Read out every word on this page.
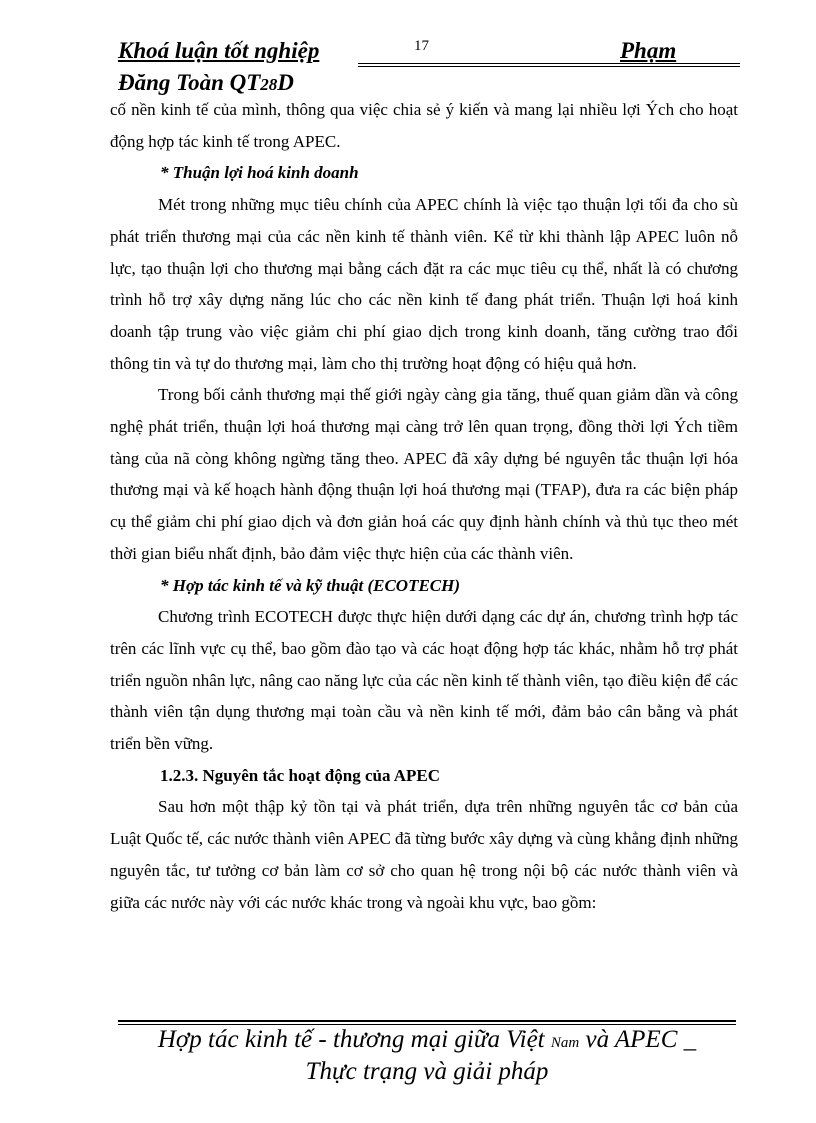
Khoá luận tốt nghiệp	17	Phạm
Đăng Toàn QT28D

cố nền kinh tế của mình, thông qua việc chia sẻ ý kiến và mang lại nhiều lợi Ých cho hoạt động hợp tác kinh tế trong APEC.

* Thuận lợi hoá kinh doanh

Mét trong những mục tiêu chính của APEC chính là việc tạo thuận lợi tối đa cho sù phát triển thương mại của các nền kinh tế thành viên. Kể từ khi thành lập APEC luôn nỗ lực, tạo thuận lợi cho thương mại bằng cách đặt ra các mục tiêu cụ thể, nhất là có chương trình hỗ trợ xây dựng năng lúc cho các nền kinh tế đang phát triển. Thuận lợi hoá kinh doanh tập trung vào việc giảm chi phí giao dịch trong kinh doanh, tăng cường trao đổi thông tin và tự do thương mại, làm cho thị trường hoạt động có hiệu quả hơn.

Trong bối cảnh thương mại thế giới ngày càng gia tăng, thuế quan giảm dần và công nghệ phát triển, thuận lợi hoá thương mại càng trở lên quan trọng, đồng thời lợi Ých tiềm tàng của nã còng không ngừng tăng theo. APEC đã xây dựng bé nguyên tắc thuận lợi hóa thương mại và kế hoạch hành động thuận lợi hoá thương mại (TFAP), đưa ra các biện pháp cụ thể giảm chi phí giao dịch và đơn giản hoá các quy định hành chính và thủ tục theo mét thời gian biểu nhất định, bảo đảm việc thực hiện của các thành viên.

* Hợp tác kinh tế và kỹ thuật (ECOTECH)

Chương trình ECOTECH được thực hiện dưới dạng các dự án, chương trình hợp tác trên các lĩnh vực cụ thể, bao gồm đào tạo và các hoạt động hợp tác khác, nhằm hỗ trợ phát triển nguồn nhân lực, nâng cao năng lực của các nền kinh tế thành viên, tạo điều kiện để các thành viên tận dụng thương mại toàn cầu và nền kinh tế mới, đảm bảo cân bằng và phát triển bền vững.

1.2.3. Nguyên tắc hoạt động của APEC

Sau hơn một thập kỷ tồn tại và phát triển, dựa trên những nguyên tắc cơ bản của Luật Quốc tế, các nước thành viên APEC đã từng bước xây dựng và cùng khẳng định những nguyên tắc, tư tưởng cơ bản làm cơ sở cho quan hệ trong nội bộ các nước thành viên và giữa các nước này với các nước khác trong và ngoài khu vực, bao gồm:

Hợp tác kinh tế - thương mại giữa Việt Nam và APEC _
Thực trạng và giải pháp
